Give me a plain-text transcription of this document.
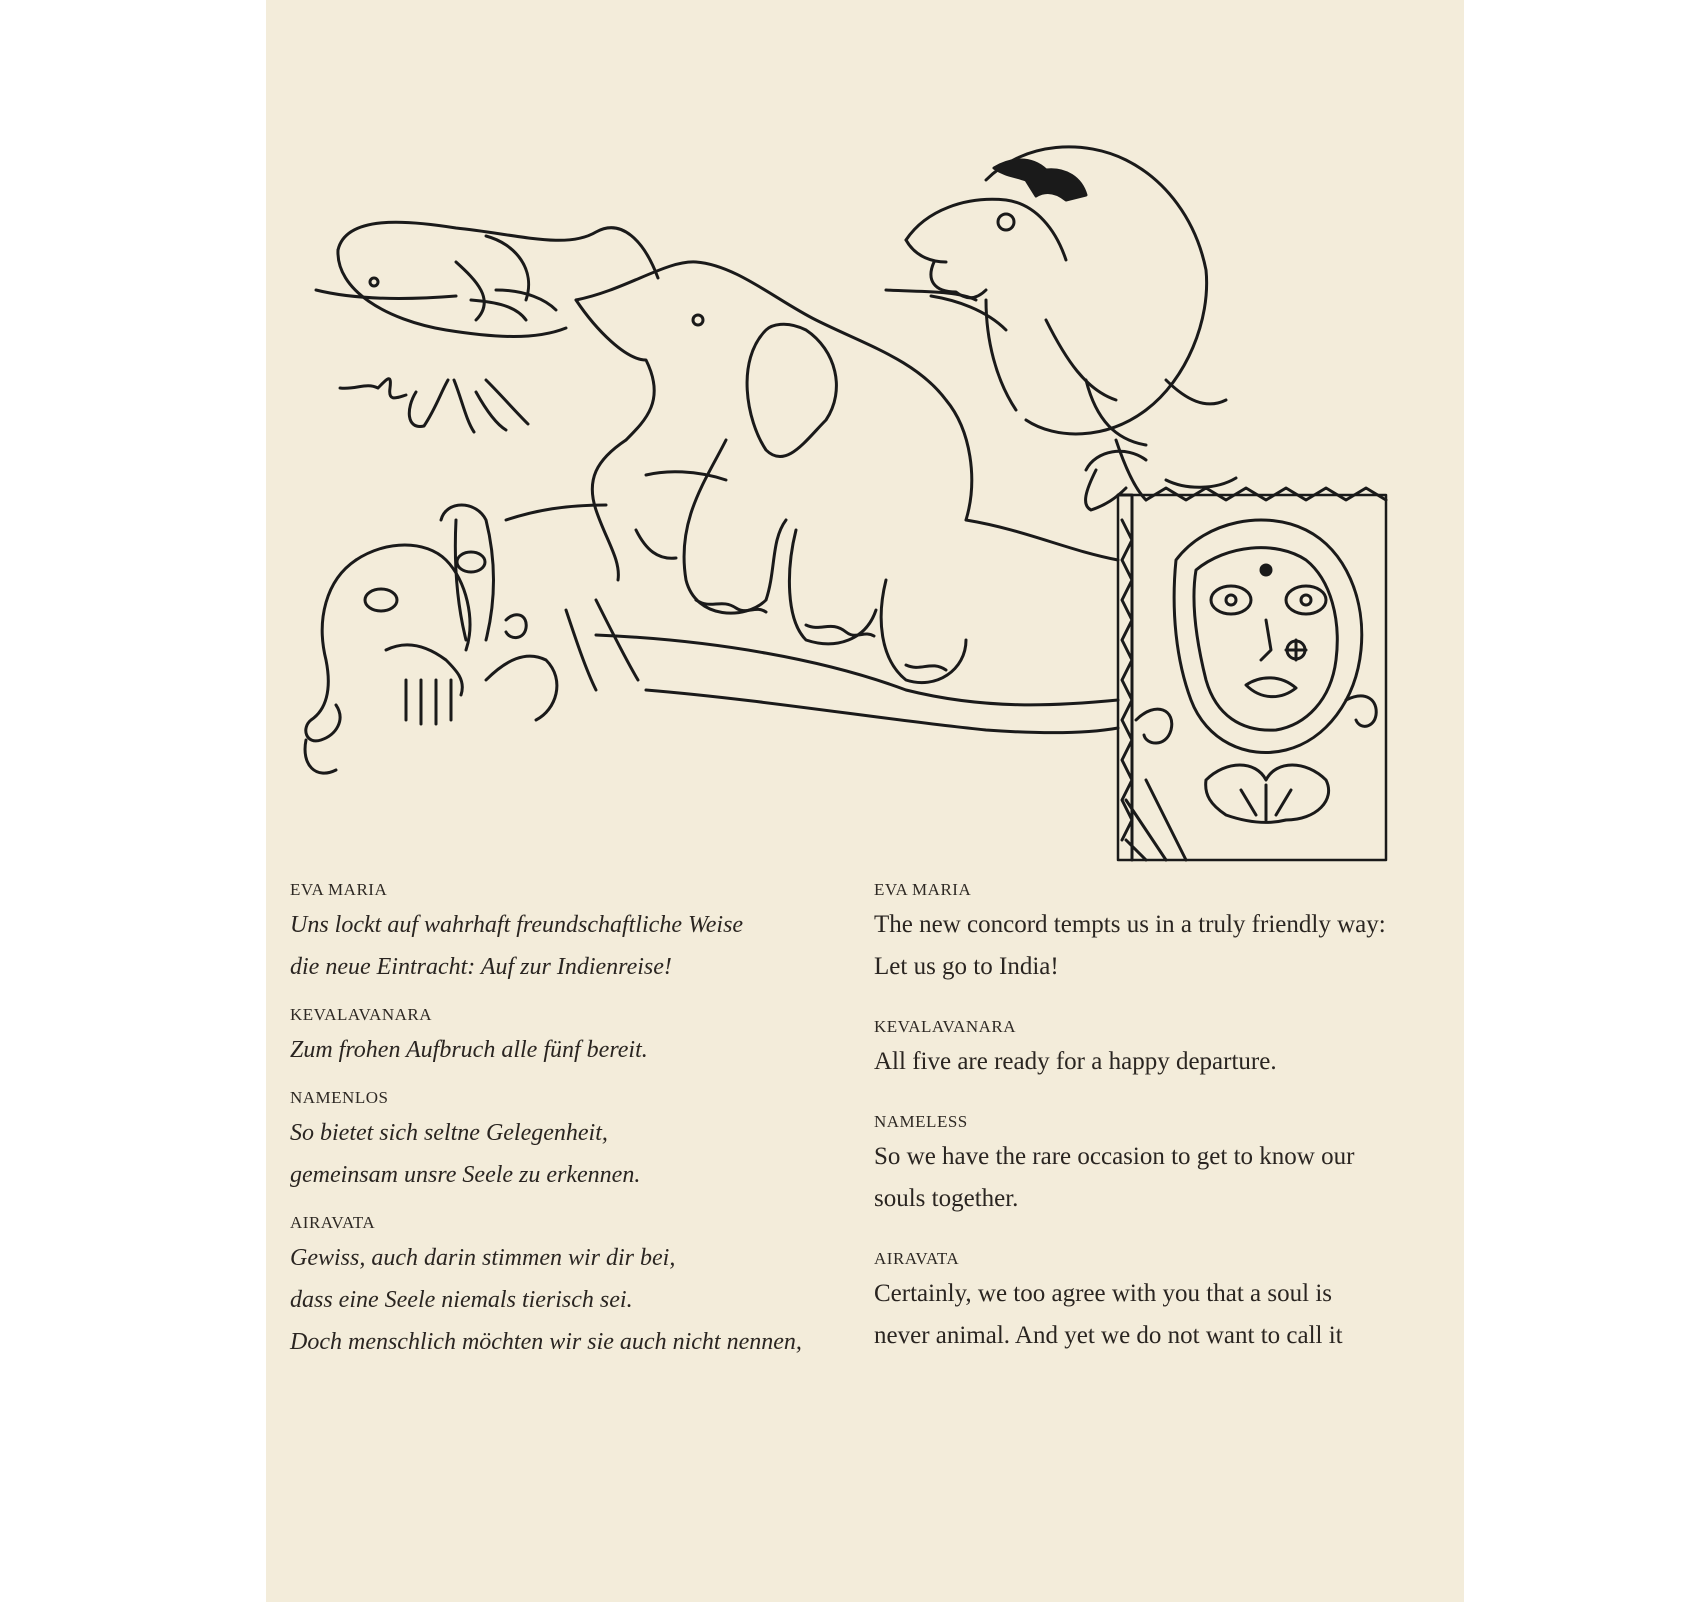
EVA MARIA
Uns lockt auf wahrhaft freundschaftliche Weise
die neue Eintracht: Auf zur Indienreise!
KEVALAVANARA
Zum frohen Aufbruch alle fünf bereit.
NAMENLOS
So bietet sich seltne Gelegenheit,
gemeinsam unsre Seele zu erkennen.
AIRAVATA
Gewiss, auch darin stimmen wir dir bei,
dass eine Seele niemals tierisch sei.
Doch menschlich möchten wir sie auch nicht nennen,
EVA MARIA
The new concord tempts us in a truly friendly way:
Let us go to India!
KEVALAVANARA
All five are ready for a happy departure.
NAMELESS
So we have the rare occasion to get to know our
souls together.
AIRAVATA
Certainly, we too agree with you that a soul is
never animal. And yet we do not want to call it
